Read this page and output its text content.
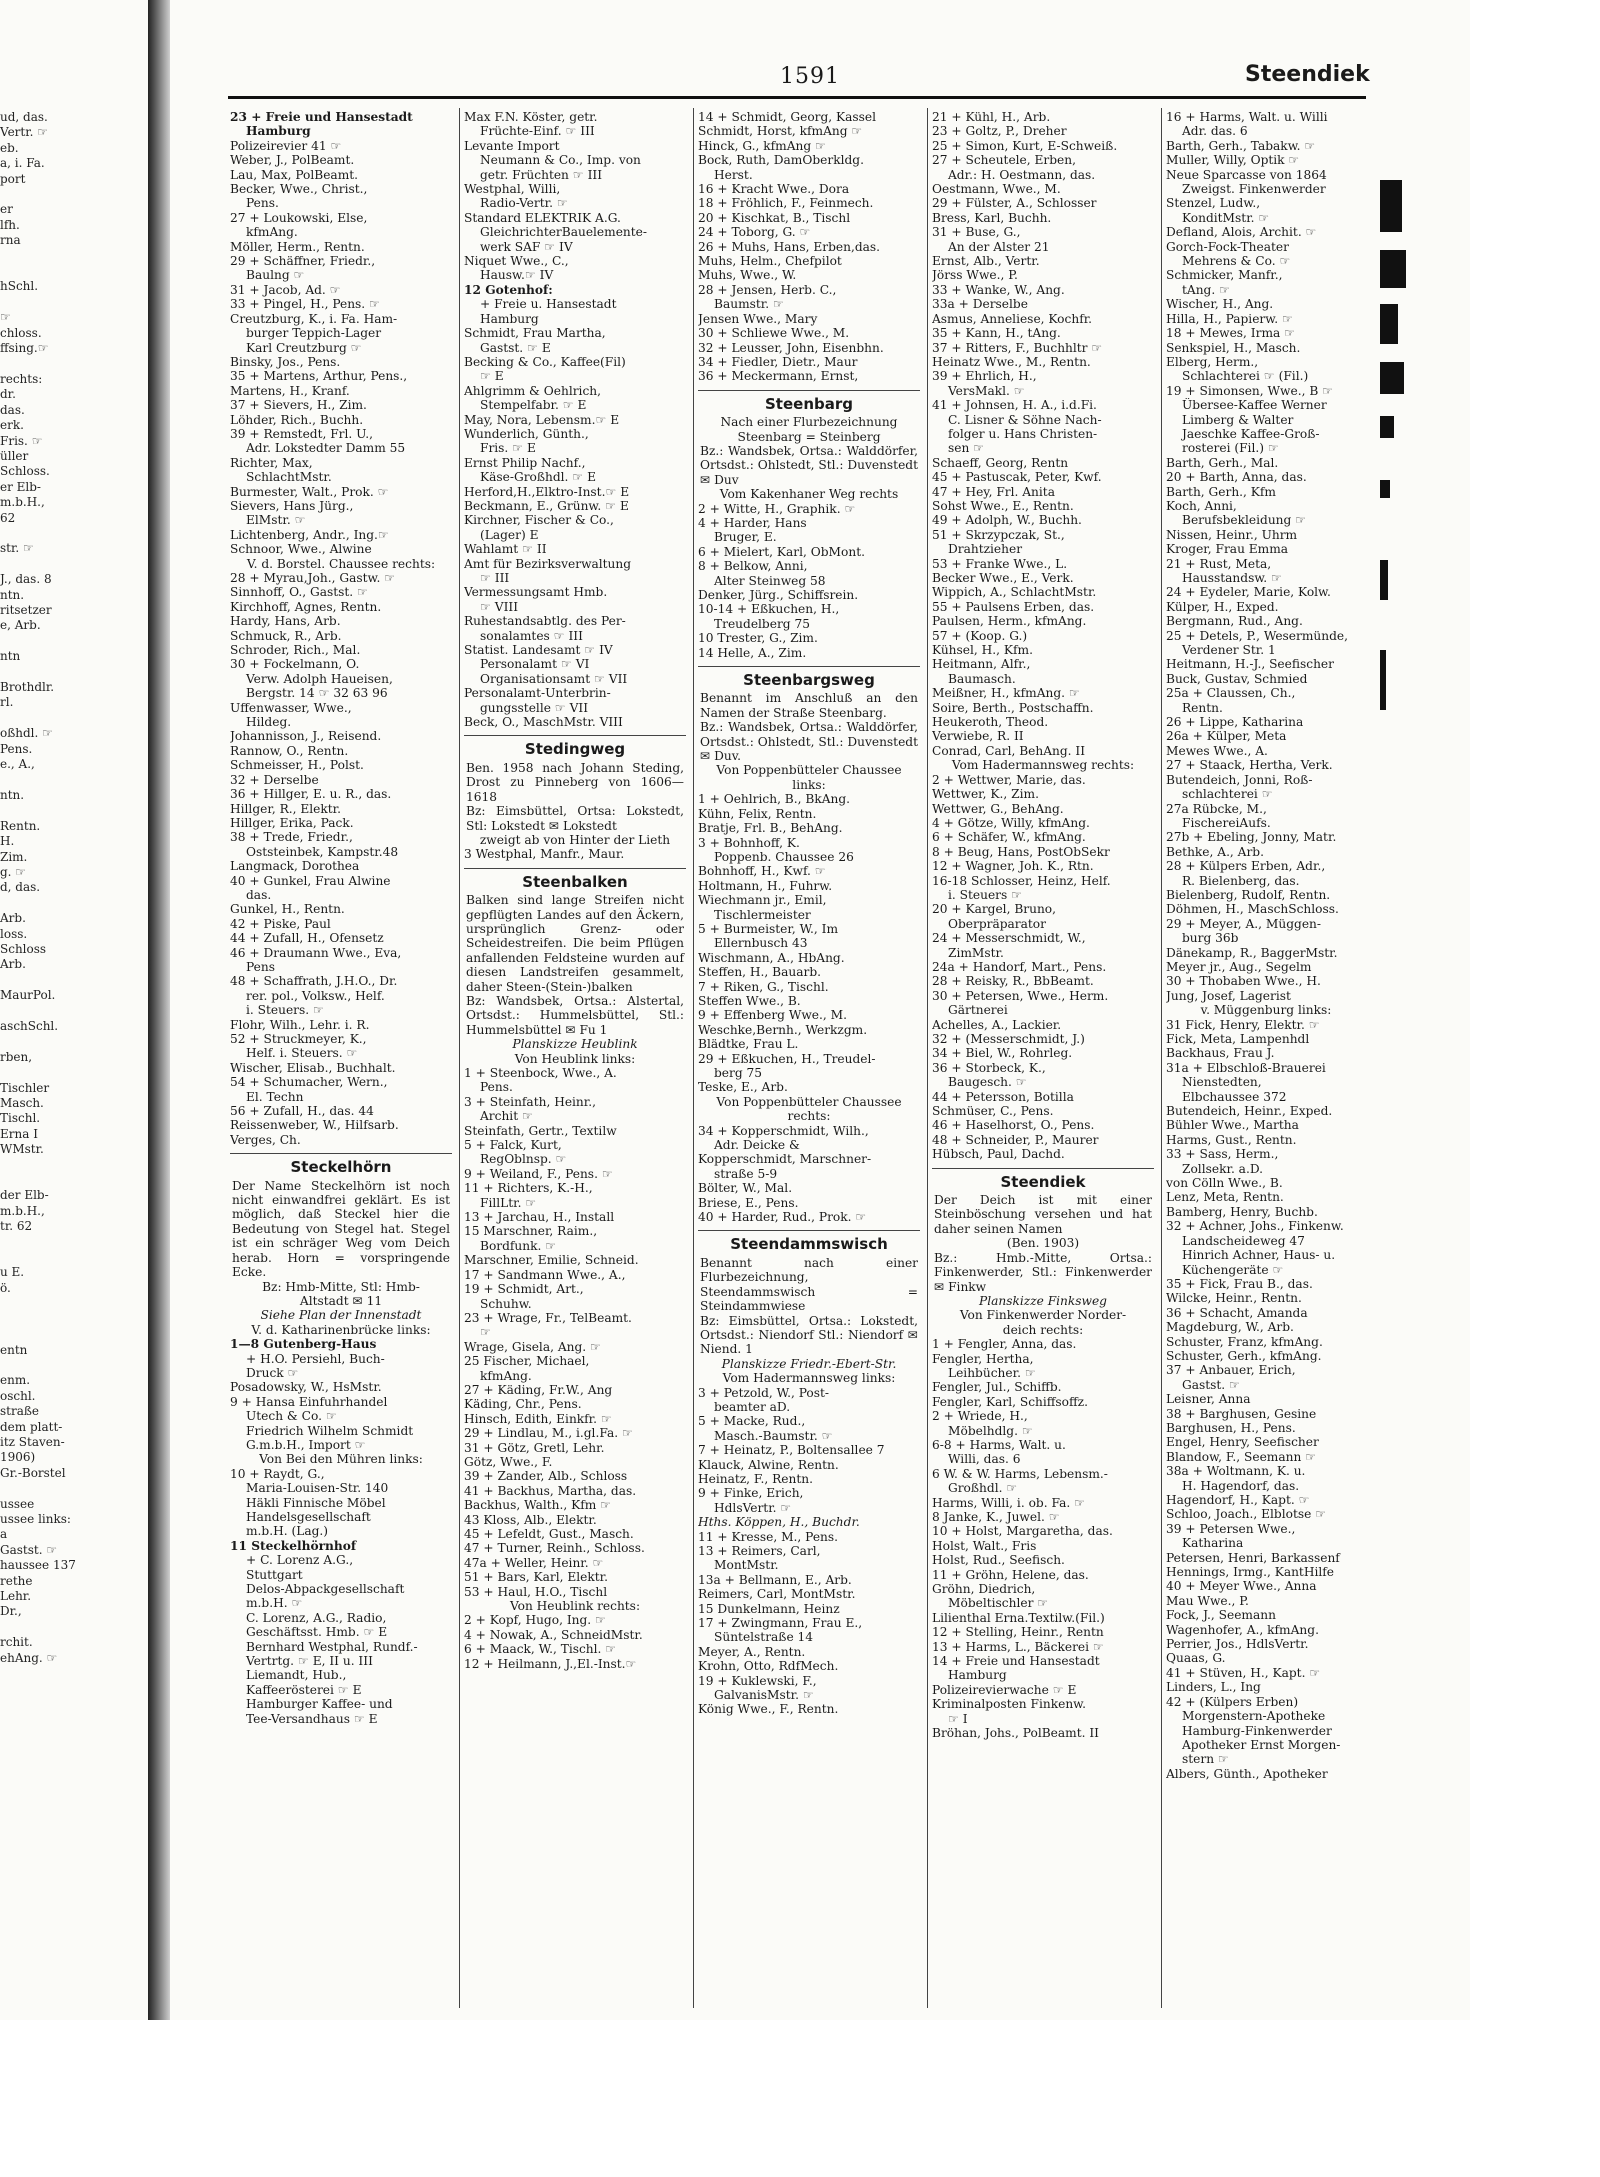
ud, das.
Vertr. ☞
eb.
a, i. Fa.
port

er
lfh.
rna

hSchl.

☞
chloss.
ffsing.☞

rechts:
dr.
das.
erk.
Fris. ☞
üller
Schloss.
er Elb-
m.b.H.,
62

str. ☞

J., das. 8
ntn.
ritsetzer
e, Arb.

ntn

Brothdlr.
rl.

oßhdl. ☞
Pens.
e., A.,

ntn.

Rentn.
H.
Zim.
g. ☞
d, das.

Arb.
loss.
Schloss
Arb.

MaurPol.

aschSchl.

rben,

Tischler
Masch.
Tischl.
Erna I
WMstr.

der Elb-
m.b.H.,
tr. 62

u E.
ö.

entn

enm.
oschl.
straße
dem platt-
itz Staven-
1906)
Gr.-Borstel

ussee
ussee links:
a
Gastst. ☞
haussee 137
rethe
Lehr.
Dr.,

rchit.
ehAng. ☞
1591	Steendiek
23 + Freie und Hansestadt
Hamburg
Polizeirevier 41 ☞
Weber, J., PolBeamt.
Lau, Max, PolBeamt.
Becker, Wwe., Christ.,
Pens.
27 + Loukowski, Else,
kfmAng.
Möller, Herm., Rentn.
29 + Schäffner, Friedr.,
Baulng ☞
31 + Jacob, Ad. ☞
33 + Pingel, H., Pens. ☞
Creutzburg, K., i. Fa. Ham-
burger Teppich-Lager
Karl Creutzburg ☞
Binsky, Jos., Pens.
35 + Martens, Arthur, Pens.,
Martens, H., Kranf.
37 + Sievers, H., Zim.
Löhder, Rich., Buchh.
39 + Remstedt, Frl. U.,
Adr. Lokstedter Damm 55
Richter, Max,
SchlachtMstr.
Burmester, Walt., Prok. ☞
Sievers, Hans Jürg.,
ElMstr. ☞
Lichtenberg, Andr., Ing.☞
Schnoor, Wwe., Alwine
V. d. Borstel. Chaussee rechts:
28 + Myrau,Joh., Gastw. ☞
Sinnhoff, O., Gastst. ☞
Kirchhoff, Agnes, Rentn.
Hardy, Hans, Arb.
Schmuck, R., Arb.
Schroder, Rich., Mal.
30 + Fockelmann, O.
Verw. Adolph Haueisen,
Bergstr. 14 ☞ 32 63 96
Uffenwasser, Wwe.,
Hildeg.
Johannisson, J., Reisend.
Rannow, O., Rentn.
Schmeisser, H., Polst.
32 + Derselbe
36 + Hillger, E. u. R., das.
Hillger, R., Elektr.
Hillger, Erika, Pack.
38 + Trede, Friedr.,
Oststeinbek, Kampstr.48
Langmack, Dorothea
40 + Gunkel, Frau Alwine
das.
Gunkel, H., Rentn.
42 + Piske, Paul
44 + Zufall, H., Ofensetz
46 + Draumann Wwe., Eva,
Pens
48 + Schaffrath, J.H.O., Dr.
rer. pol., Volksw., Helf.
i. Steuers. ☞
Flohr, Wilh., Lehr. i. R.
52 + Struckmeyer, K.,
Helf. i. Steuers. ☞
Wischer, Elisab., Buchhalt.
54 + Schumacher, Wern.,
El. Techn
56 + Zufall, H., das. 44
Reissenweber, W., Hilfsarb.
Verges, Ch.
Steckelhörn
Der Name Steckelhörn ist noch nicht einwandfrei geklärt. Es ist möglich, daß Steckel hier die Bedeutung von Stegel hat. Stegel ist ein schräger Weg vom Deich herab. Horn = vorspringende Ecke.
Bz: Hmb-Mitte, Stl: Hmb-
Altstadt ✉ 11
Siehe Plan der Innenstadt
V. d. Katharinenbrücke links:
1—8 Gutenberg-Haus
+ H.O. Persiehl, Buch-
Druck ☞
Posadowsky, W., HsMstr.
9 + Hansa Einfuhrhandel
Utech & Co. ☞
Friedrich Wilhelm Schmidt
G.m.b.H., Import ☞
Von Bei den Mühren links:
10 + Raydt, G.,
Maria-Louisen-Str. 140
Häkli Finnische Möbel
Handelsgesellschaft
m.b.H. (Lag.)
11 Steckelhörnhof
+ C. Lorenz A.G.,
Stuttgart
Delos-Abpackgesellschaft
m.b.H. ☞
C. Lorenz, A.G., Radio,
Geschäftsst. Hmb. ☞ E
Bernhard Westphal, Rundf.-
Vertrtg. ☞ E, II u. III
Liemandt, Hub.,
Kaffeerösterei ☞ E
Hamburger Kaffee- und
Tee-Versandhaus ☞ E
Max F.N. Köster, getr.
Früchte-Einf. ☞ III
Levante Import
Neumann & Co., Imp. von
getr. Früchten ☞ III
Westphal, Willi,
Radio-Vertr. ☞
Standard ELEKTRIK A.G.
GleichrichterBauelemente-
werk SAF ☞ IV
Niquet Wwe., C.,
Hausw.☞ IV
12 Gotenhof:
+ Freie u. Hansestadt
Hamburg
Schmidt, Frau Martha,
Gastst. ☞ E
Becking & Co., Kaffee(Fil)
☞ E
Ahlgrimm & Oehlrich,
Stempelfabr. ☞ E
May, Nora, Lebensm.☞ E
Wunderlich, Günth.,
Fris. ☞ E
Ernst Philip Nachf.,
Käse-Großhdl. ☞ E
Herford,H.,Elktro-Inst.☞ E
Beckmann, E., Grünw. ☞ E
Kirchner, Fischer & Co.,
(Lager) E
Wahlamt ☞ II
Amt für Bezirksverwaltung
☞ III
Vermessungsamt Hmb.
☞ VIII
Ruhestandsabtlg. des Per-
sonalamtes ☞ III
Statist. Landesamt ☞ IV
Personalamt ☞ VI
Organisationsamt ☞ VII
Personalamt-Unterbrin-
gungsstelle ☞ VII
Beck, O., MaschMstr. VIII
Stedingweg
Ben. 1958 nach Johann Steding, Drost zu Pinneberg von 1606—1618
Bz: Eimsbüttel, Ortsa: Lokstedt, Stl: Lokstedt ✉ Lokstedt
zweigt ab von Hinter der Lieth
3 Westphal, Manfr., Maur.
Steenbalken
Balken sind lange Streifen nicht gepflügten Landes auf den Äckern, ursprünglich Grenz- oder Scheidestreifen. Die beim Pflügen anfallenden Feldsteine wurden auf diesen Landstreifen gesammelt, daher Steen-(Stein-)balken
Bz: Wandsbek, Ortsa.: Alstertal, Ortsdst.: Hummelsbüttel, Stl.: Hummelsbüttel ✉ Fu 1
Planskizze Heublink
Von Heublink links:
1 + Steenbock, Wwe., A.
Pens.
3 + Steinfath, Heinr.,
Archit ☞
Steinfath, Gertr., Textilw
5 + Falck, Kurt,
RegOblnsp. ☞
9 + Weiland, F., Pens. ☞
11 + Richters, K.-H.,
FillLtr. ☞
13 + Jarchau, H., Install
15 Marschner, Raim.,
Bordfunk. ☞
Marschner, Emilie, Schneid.
17 + Sandmann Wwe., A.,
19 + Schmidt, Art.,
Schuhw.
23 + Wrage, Fr., TelBeamt.
☞
Wrage, Gisela, Ang. ☞
25 Fischer, Michael,
kfmAng.
27 + Käding, Fr.W., Ang
Käding, Chr., Pens.
Hinsch, Edith, Einkfr. ☞
29 + Lindlau, M., i.gl.Fa. ☞
31 + Götz, Gretl, Lehr.
Götz, Wwe., F.
39 + Zander, Alb., Schloss
41 + Backhus, Martha, das.
Backhus, Walth., Kfm ☞
43 Kloss, Alb., Elektr.
45 + Lefeldt, Gust., Masch.
47 + Turner, Reinh., Schloss.
47a + Weller, Heinr. ☞
51 + Bars, Karl, Elektr.
53 + Haul, H.O., Tischl
Von Heublink rechts:
2 + Kopf, Hugo, Ing. ☞
4 + Nowak, A., SchneidMstr.
6 + Maack, W., Tischl. ☞
12 + Heilmann, J.,El.-Inst.☞
14 + Schmidt, Georg, Kassel
Schmidt, Horst, kfmAng ☞
Hinck, G., kfmAng ☞
Bock, Ruth, DamOberkldg.
Herst.
16 + Kracht Wwe., Dora
18 + Fröhlich, F., Feinmech.
20 + Kischkat, B., Tischl
24 + Toborg, G. ☞
26 + Muhs, Hans, Erben,das.
Muhs, Helm., Chefpilot
Muhs, Wwe., W.
28 + Jensen, Herb. C.,
Baumstr. ☞
Jensen Wwe., Mary
30 + Schliewe Wwe., M.
32 + Leusser, John, Eisenbhn.
34 + Fiedler, Dietr., Maur
36 + Meckermann, Ernst,
Steenbarg
Nach einer Flurbezeichnung
Steenbarg = Steinberg
Bz.: Wandsbek, Ortsa.: Walddörfer, Ortsdst.: Ohlstedt, Stl.: Duvenstedt ✉ Duv
Vom Kakenhaner Weg rechts
2 + Witte, H., Graphik. ☞
4 + Harder, Hans
Bruger, E.
6 + Mielert, Karl, ObMont.
8 + Belkow, Anni,
Alter Steinweg 58
Denker, Jürg., Schiffsrein.
10-14 + Eßkuchen, H.,
Treudelberg 75
10 Trester, G., Zim.
14 Helle, A., Zim.
Steenbargsweg
Benannt im Anschluß an den Namen der Straße Steenbarg.
Bz.: Wandsbek, Ortsa.: Walddörfer, Ortsdst.: Ohlstedt, Stl.: Duvenstedt ✉ Duv.
Von Poppenbütteler Chaussee
links:
1 + Oehlrich, B., BkAng.
Kühn, Felix, Rentn.
Bratje, Frl. B., BehAng.
3 + Bohnhoff, K.
Poppenb. Chaussee 26
Bohnhoff, H., Kwf. ☞
Holtmann, H., Fuhrw.
Wiechmann jr., Emil,
Tischlermeister
5 + Burmeister, W., Im
Ellernbusch 43
Wischmann, A., HbAng.
Steffen, H., Bauarb.
7 + Riken, G., Tischl.
Steffen Wwe., B.
9 + Effenberg Wwe., M.
Weschke,Bernh., Werkzgm.
Blädtke, Frau L.
29 + Eßkuchen, H., Treudel-
berg 75
Teske, E., Arb.
Von Poppenbütteler Chaussee
rechts:
34 + Kopperschmidt, Wilh.,
Adr. Deicke &
Kopperschmidt, Marschner-
straße 5-9
Bölter, W., Mal.
Briese, E., Pens.
40 + Harder, Rud., Prok. ☞
Steendammswisch
Benannt nach einer Flurbezeichnung, Steendammswisch = Steindammwiese
Bz: Eimsbüttel, Ortsa.: Lokstedt, Ortsdst.: Niendorf Stl.: Niendorf ✉ Niend. 1
Planskizze Friedr.-Ebert-Str.
Vom Hadermannsweg links:
3 + Petzold, W., Post-
beamter aD.
5 + Macke, Rud.,
Masch.-Baumstr. ☞
7 + Heinatz, P., Boltensallee 7
Klauck, Alwine, Rentn.
Heinatz, F., Rentn.
9 + Finke, Erich,
HdlsVertr. ☞
Hths. Köppen, H., Buchdr.
11 + Kresse, M., Pens.
13 + Reimers, Carl,
MontMstr.
13a + Bellmann, E., Arb.
Reimers, Carl, MontMstr.
15 Dunkelmann, Heinz
17 + Zwingmann, Frau E.,
Süntelstraße 14
Meyer, A., Rentn.
Krohn, Otto, RdfMech.
19 + Kuklewski, F.,
GalvanisMstr. ☞
König Wwe., F., Rentn.
21 + Kühl, H., Arb.
23 + Goltz, P., Dreher
25 + Simon, Kurt, E-Schweiß.
27 + Scheutele, Erben,
Adr.: H. Oestmann, das.
Oestmann, Wwe., M.
29 + Fülster, A., Schlosser
Bress, Karl, Buchh.
31 + Buse, G.,
An der Alster 21
Ernst, Alb., Vertr.
Jörss Wwe., P.
33 + Wanke, W., Ang.
33a + Derselbe
Asmus, Anneliese, Kochfr.
35 + Kann, H., tAng.
37 + Ritters, F., Buchhltr ☞
Heinatz Wwe., M., Rentn.
39 + Ehrlich, H.,
VersMakl. ☞
41 + Johnsen, H. A., i.d.Fi.
C. Lisner & Söhne Nach-
folger u. Hans Christen-
sen ☞
Schaeff, Georg, Rentn
45 + Pastuscak, Peter, Kwf.
47 + Hey, Frl. Anita
Sohst Wwe., E., Rentn.
49 + Adolph, W., Buchh.
51 + Skrzypczak, St.,
Drahtzieher
53 + Franke Wwe., L.
Becker Wwe., E., Verk.
Wippich, A., SchlachtMstr.
55 + Paulsens Erben, das.
Paulsen, Herm., kfmAng.
57 + (Koop. G.)
Kühsel, H., Kfm.
Heitmann, Alfr.,
Baumasch.
Meißner, H., kfmAng. ☞
Soire, Berth., Postschaffn.
Heukeroth, Theod.
Verwiebe, R. II
Conrad, Carl, BehAng. II
Vom Hadermannsweg rechts:
2 + Wettwer, Marie, das.
Wettwer, K., Zim.
Wettwer, G., BehAng.
4 + Götze, Willy, kfmAng.
6 + Schäfer, W., kfmAng.
8 + Beug, Hans, PostObSekr
12 + Wagner, Joh. K., Rtn.
16-18 Schlosser, Heinz, Helf.
i. Steuers ☞
20 + Kargel, Bruno,
Oberpräparator
24 + Messerschmidt, W.,
ZimMstr.
24a + Handorf, Mart., Pens.
28 + Reisky, R., BbBeamt.
30 + Petersen, Wwe., Herm.
Gärtnerei
Achelles, A., Lackier.
32 + (Messerschmidt, J.)
34 + Biel, W., Rohrleg.
36 + Storbeck, K.,
Baugesch. ☞
44 + Petersson, Botilla
Schmüser, C., Pens.
46 + Haselhorst, O., Pens.
48 + Schneider, P., Maurer
Hübsch, Paul, Dachd.
Steendiek
Der Deich ist mit einer Steinböschung versehen und hat daher seinen Namen
(Ben. 1903)
Bz.: Hmb.-Mitte, Ortsa.: Finkenwerder, Stl.: Finkenwerder ✉ Finkw
Planskizze Finksweg
Von Finkenwerder Norder-
deich rechts:
1 + Fengler, Anna, das.
Fengler, Hertha,
Leihbücher. ☞
Fengler, Jul., Schiffb.
Fengler, Karl, Schiffsoffz.
2 + Wriede, H.,
Möbelhdlg. ☞
6-8 + Harms, Walt. u.
Willi, das. 6
6 W. & W. Harms, Lebensm.-
Großhdl. ☞
Harms, Willi, i. ob. Fa. ☞
8 Janke, K., Juwel. ☞
10 + Holst, Margaretha, das.
Holst, Walt., Fris
Holst, Rud., Seefisch.
11 + Gröhn, Helene, das.
Gröhn, Diedrich,
Möbeltischler ☞
Lilienthal Erna.Textilw.(Fil.)
12 + Stelling, Heinr., Rentn
13 + Harms, L., Bäckerei ☞
14 + Freie und Hansestadt
Hamburg
Polizeirevierwache ☞ E
Kriminalposten Finkenw.
☞ I
Bröhan, Johs., PolBeamt. II
16 + Harms, Walt. u. Willi
Adr. das. 6
Barth, Gerh., Tabakw. ☞
Muller, Willy, Optik ☞
Neue Sparcasse von 1864
Zweigst. Finkenwerder
Stenzel, Ludw.,
KonditMstr. ☞
Defland, Alois, Archit. ☞
Gorch-Fock-Theater
Mehrens & Co. ☞
Schmicker, Manfr.,
tAng. ☞
Wischer, H., Ang.
Hilla, H., Papierw. ☞
18 + Mewes, Irma ☞
Senkspiel, H., Masch.
Elberg, Herm.,
Schlachterei ☞ (Fil.)
19 + Simonsen, Wwe., B ☞
Übersee-Kaffee Werner
Limberg & Walter
Jaeschke Kaffee-Groß-
rosterei (Fil.) ☞
Barth, Gerh., Mal.
20 + Barth, Anna, das.
Barth, Gerh., Kfm
Koch, Anni,
Berufsbekleidung ☞
Nissen, Heinr., Uhrm
Kroger, Frau Emma
21 + Rust, Meta,
Hausstandsw. ☞
24 + Eydeler, Marie, Kolw.
Külper, H., Exped.
Bergmann, Rud., Ang.
25 + Detels, P., Wesermünde,
Verdener Str. 1
Heitmann, H.-J., Seefischer
Buck, Gustav, Schmied
25a + Claussen, Ch.,
Rentn.
26 + Lippe, Katharina
26a + Külper, Meta
Mewes Wwe., A.
27 + Staack, Hertha, Verk.
Butendeich, Jonni, Roß-
schlachterei ☞
27a Rübcke, M.,
FischereiAufs.
27b + Ebeling, Jonny, Matr.
Bethke, A., Arb.
28 + Külpers Erben, Adr.,
R. Bielenberg, das.
Bielenberg, Rudolf, Rentn.
Döhmen, H., MaschSchloss.
29 + Meyer, A., Müggen-
burg 36b
Dänekamp, R., BaggerMstr.
Meyer jr., Aug., Segelm
30 + Thobaben Wwe., H.
Jung, Josef, Lagerist
v. Müggenburg links:
31 Fick, Henry, Elektr. ☞
Fick, Meta, Lampenhdl
Backhaus, Frau J.
31a + Elbschloß-Brauerei
Nienstedten,
Elbchaussee 372
Butendeich, Heinr., Exped.
Bühler Wwe., Martha
Harms, Gust., Rentn.
33 + Sass, Herm.,
Zollsekr. a.D.
von Cölln Wwe., B.
Lenz, Meta, Rentn.
Bamberg, Henry, Buchb.
32 + Achner, Johs., Finkenw.
Landscheideweg 47
Hinrich Achner, Haus- u.
Küchengeräte ☞
35 + Fick, Frau B., das.
Wilcke, Heinr., Rentn.
36 + Schacht, Amanda
Magdeburg, W., Arb.
Schuster, Franz, kfmAng.
Schuster, Gerh., kfmAng.
37 + Anbauer, Erich,
Gastst. ☞
Leisner, Anna
38 + Barghusen, Gesine
Barghusen, H., Pens.
Engel, Henry, Seefischer
Blandow, F., Seemann ☞
38a + Woltmann, K. u.
H. Hagendorf, das.
Hagendorf, H., Kapt. ☞
Schloo, Joach., Elblotse ☞
39 + Petersen Wwe.,
Katharina
Petersen, Henri, Barkassenf
Hennings, Irmg., KantHilfe
40 + Meyer Wwe., Anna
Mau Wwe., P.
Fock, J., Seemann
Wagenhofer, A., kfmAng.
Perrier, Jos., HdlsVertr.
Quaas, G.
41 + Stüven, H., Kapt. ☞
Linders, L., Ing
42 + (Külpers Erben)
Morgenstern-Apotheke
Hamburg-Finkenwerder
Apotheker Ernst Morgen-
stern ☞
Albers, Günth., Apotheker
